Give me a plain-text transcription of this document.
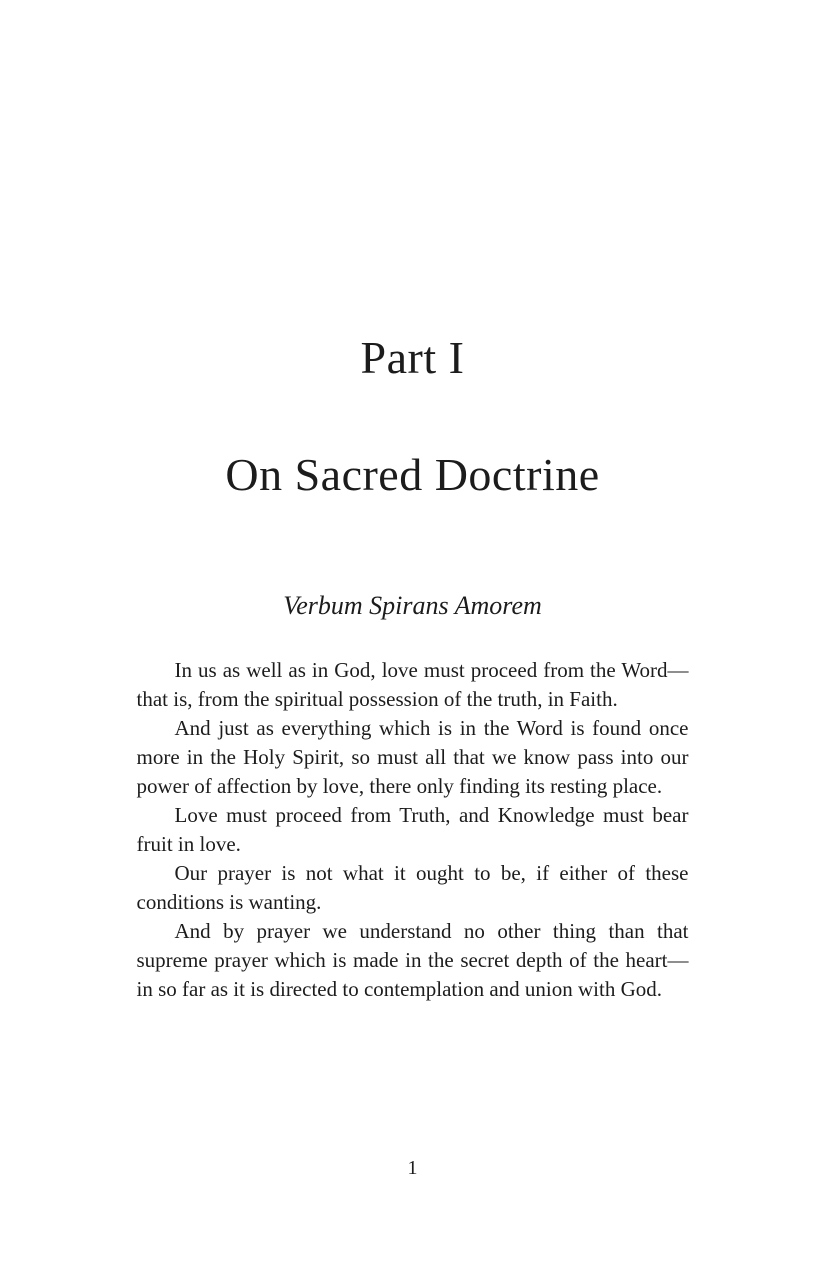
Part I
On Sacred Doctrine
Verbum Spirans Amorem

In us as well as in God, love must proceed from the Word—that is, from the spiritual possession of the truth, in Faith.

And just as everything which is in the Word is found once more in the Holy Spirit, so must all that we know pass into our power of affection by love, there only finding its resting place.

Love must proceed from Truth, and Knowledge must bear fruit in love.

Our prayer is not what it ought to be, if either of these conditions is wanting.

And by prayer we understand no other thing than that supreme prayer which is made in the secret depth of the heart—in so far as it is directed to contemplation and union with God.

1
